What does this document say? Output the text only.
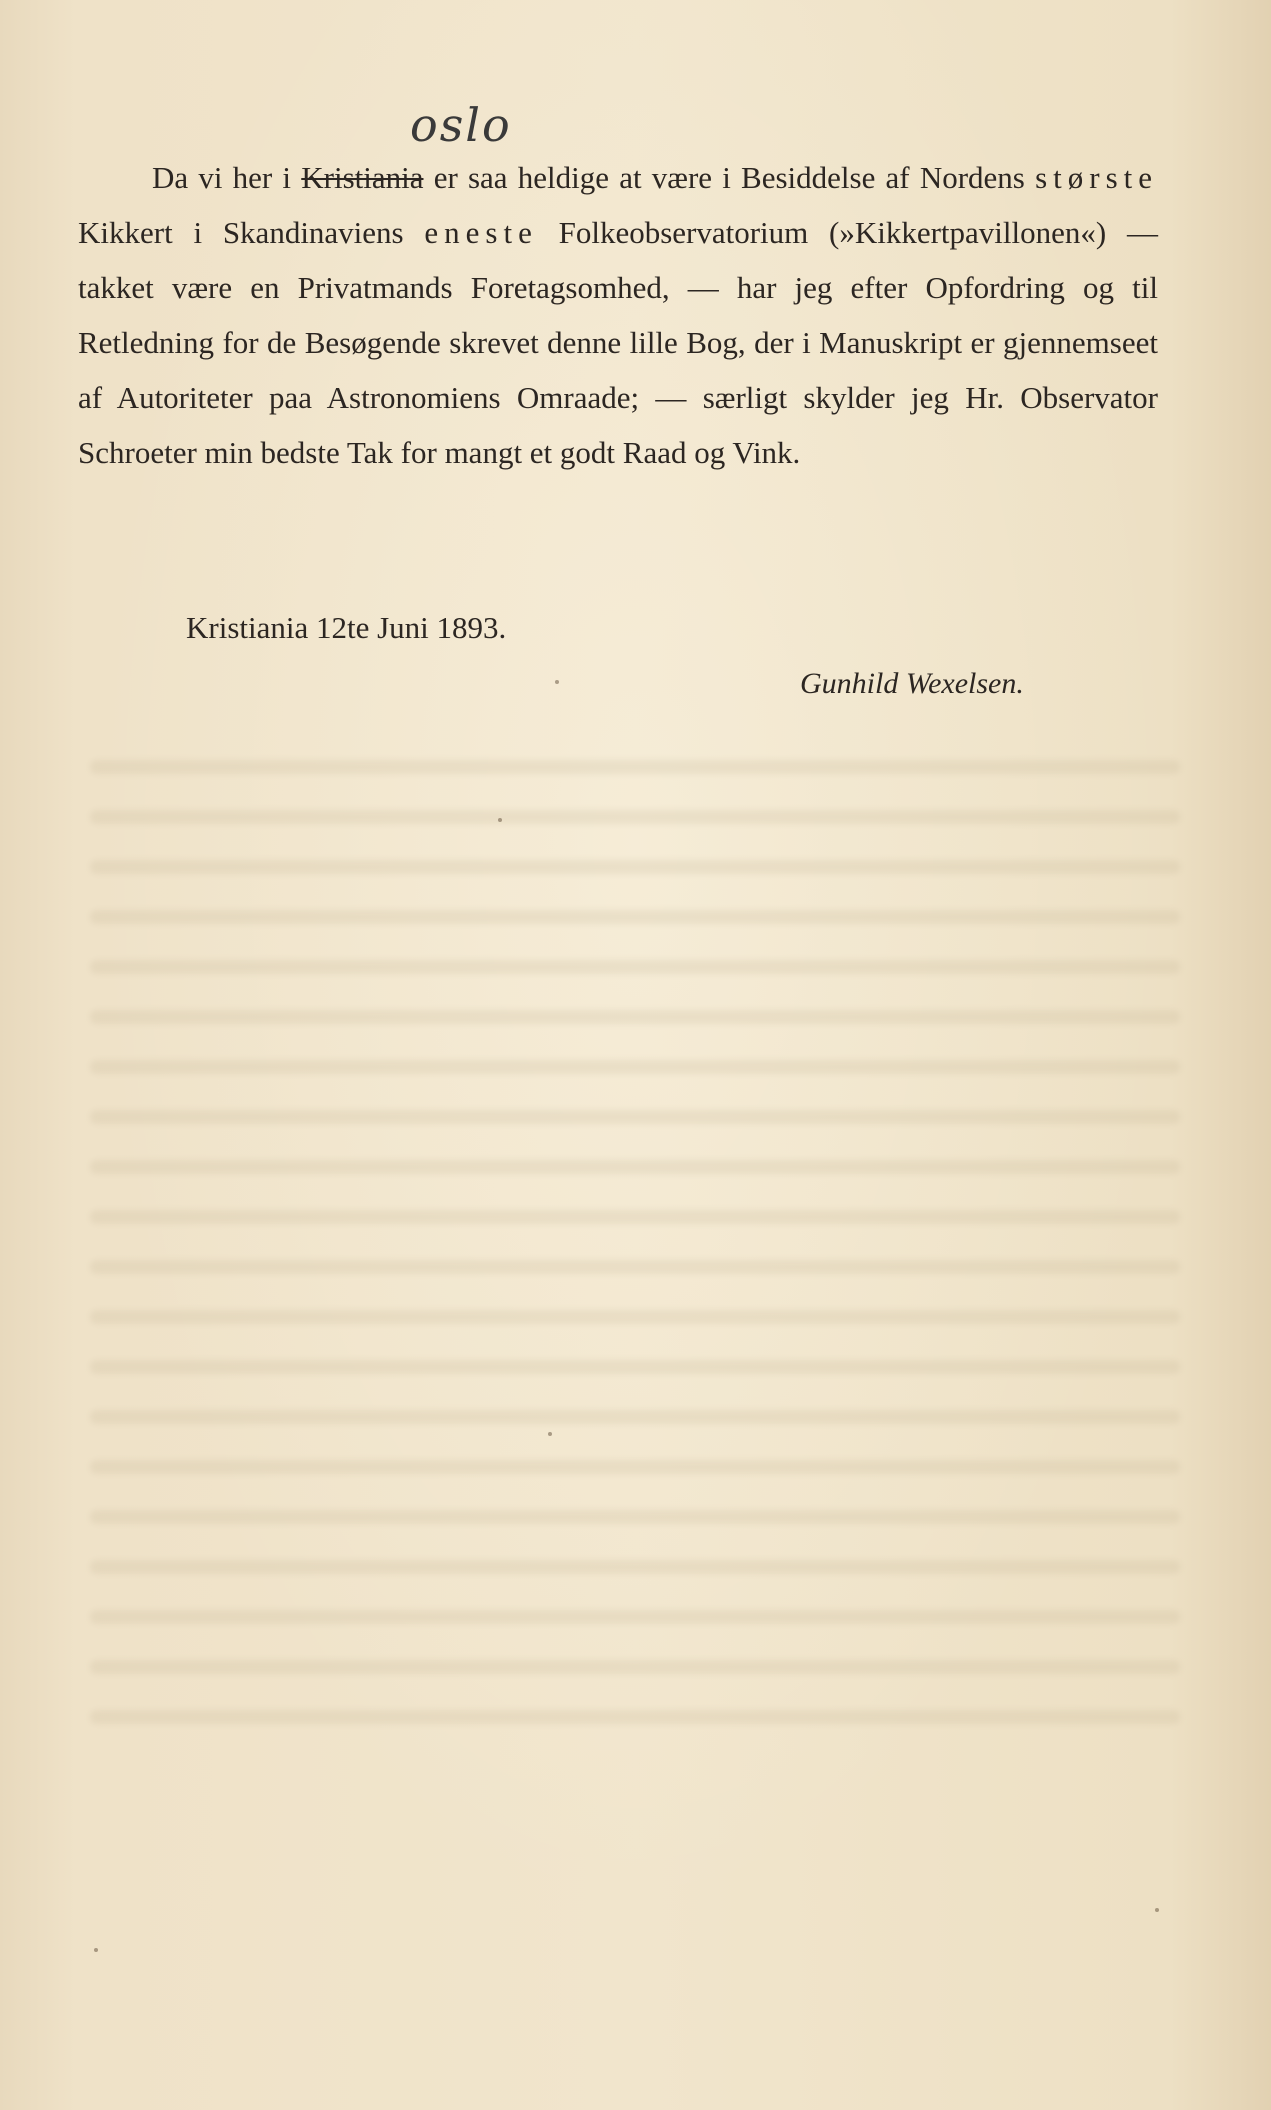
oslo

Da vi her i Kristiania er saa heldige at være i Besiddelse af Nordens største Kikkert i Skandinaviens eneste Folkeobservatorium (»Kikkertpavillonen«) — takket være en Privatmands Foretagsomhed, — har jeg efter Opfordring og til Retledning for de Besøgende skrevet denne lille Bog, der i Manuskript er gjennemseet af Autoriteter paa Astronomiens Omraade; — særligt skylder jeg Hr. Observator Schroeter min bedste Tak for mangt et godt Raad og Vink.

Kristiania 12te Juni 1893.
Gunhild Wexelsen.
